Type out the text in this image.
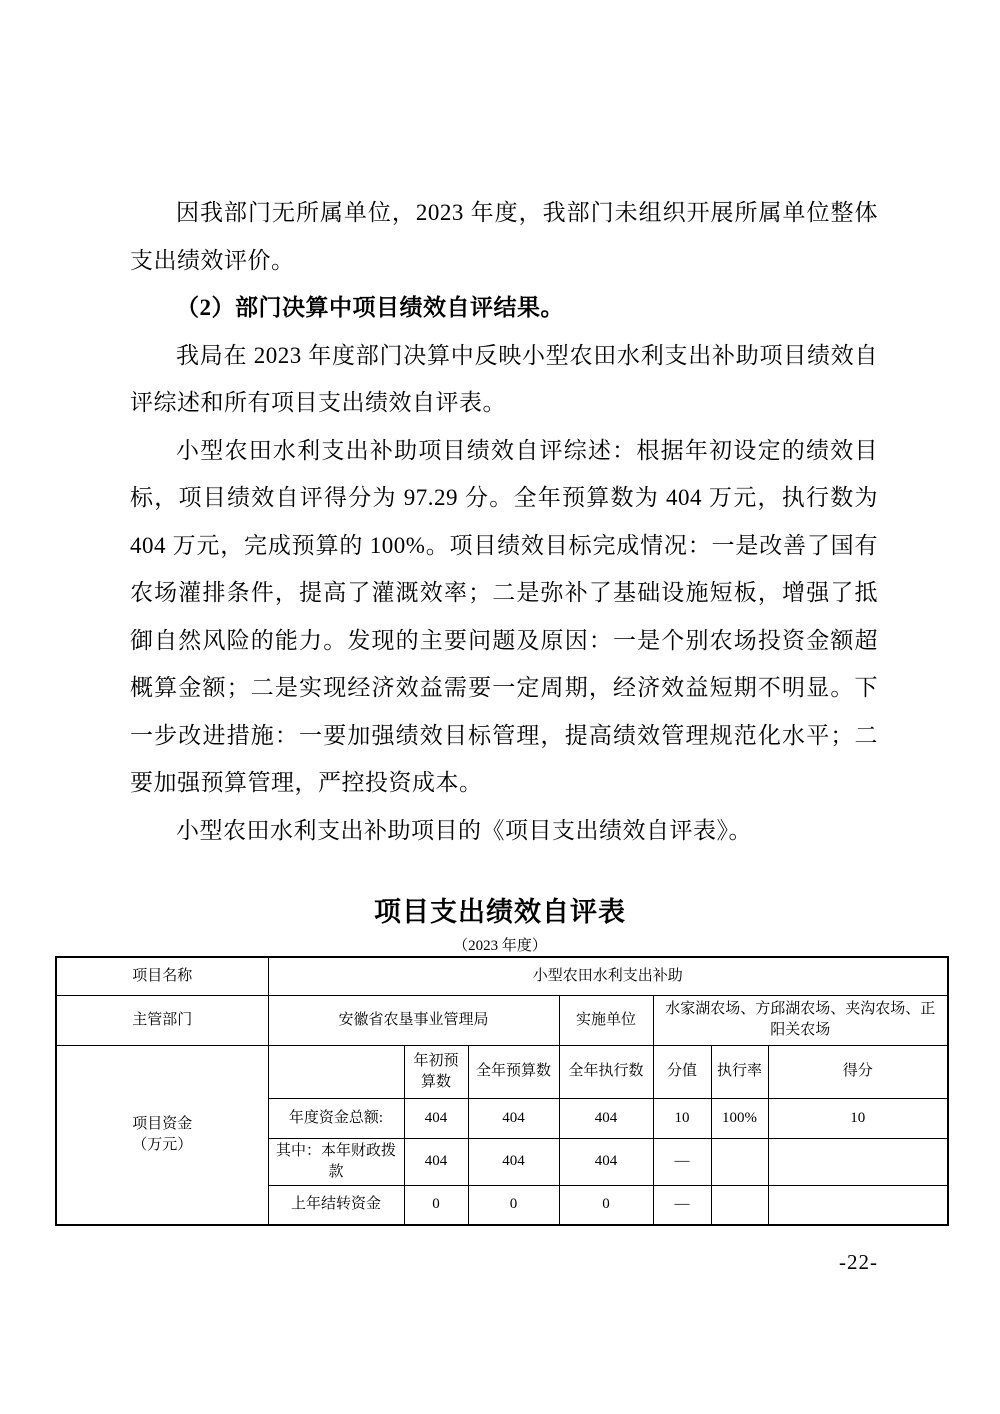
因我部门无所属单位，2023 年度，我部门未组织开展所属单位整体支出绩效评价。

（2）部门决算中项目绩效自评结果。

我局在 2023 年度部门决算中反映小型农田水利支出补助项目绩效自评综述和所有项目支出绩效自评表。

小型农田水利支出补助项目绩效自评综述：根据年初设定的绩效目标，项目绩效自评得分为 97.29 分。全年预算数为 404 万元，执行数为 404 万元，完成预算的 100%。项目绩效目标完成情况：一是改善了国有农场灌排条件，提高了灌溉效率；二是弥补了基础设施短板，增强了抵御自然风险的能力。发现的主要问题及原因：一是个别农场投资金额超概算金额；二是实现经济效益需要一定周期，经济效益短期不明显。下一步改进措施：一要加强绩效目标管理，提高绩效管理规范化水平；二要加强预算管理，严控投资成本。

小型农田水利支出补助项目的《项目支出绩效自评表》。

项目支出绩效自评表
（2023 年度）
项目名称	小型农田水利支出补助						
主管部门	安徽省农垦事业管理局			实施单位	水家湖农场、方邱湖农场、夹沟农场、正阳关农场		

项目资金
（万元）		年初预算数	全年预算数	全年执行数	分值	执行率	得分
	年度资金总额:	404	404	404	10	100%	10
	其中：本年财政拨款	404	404	404	—		
	上年结转资金	0	0	0	—		
-22-
